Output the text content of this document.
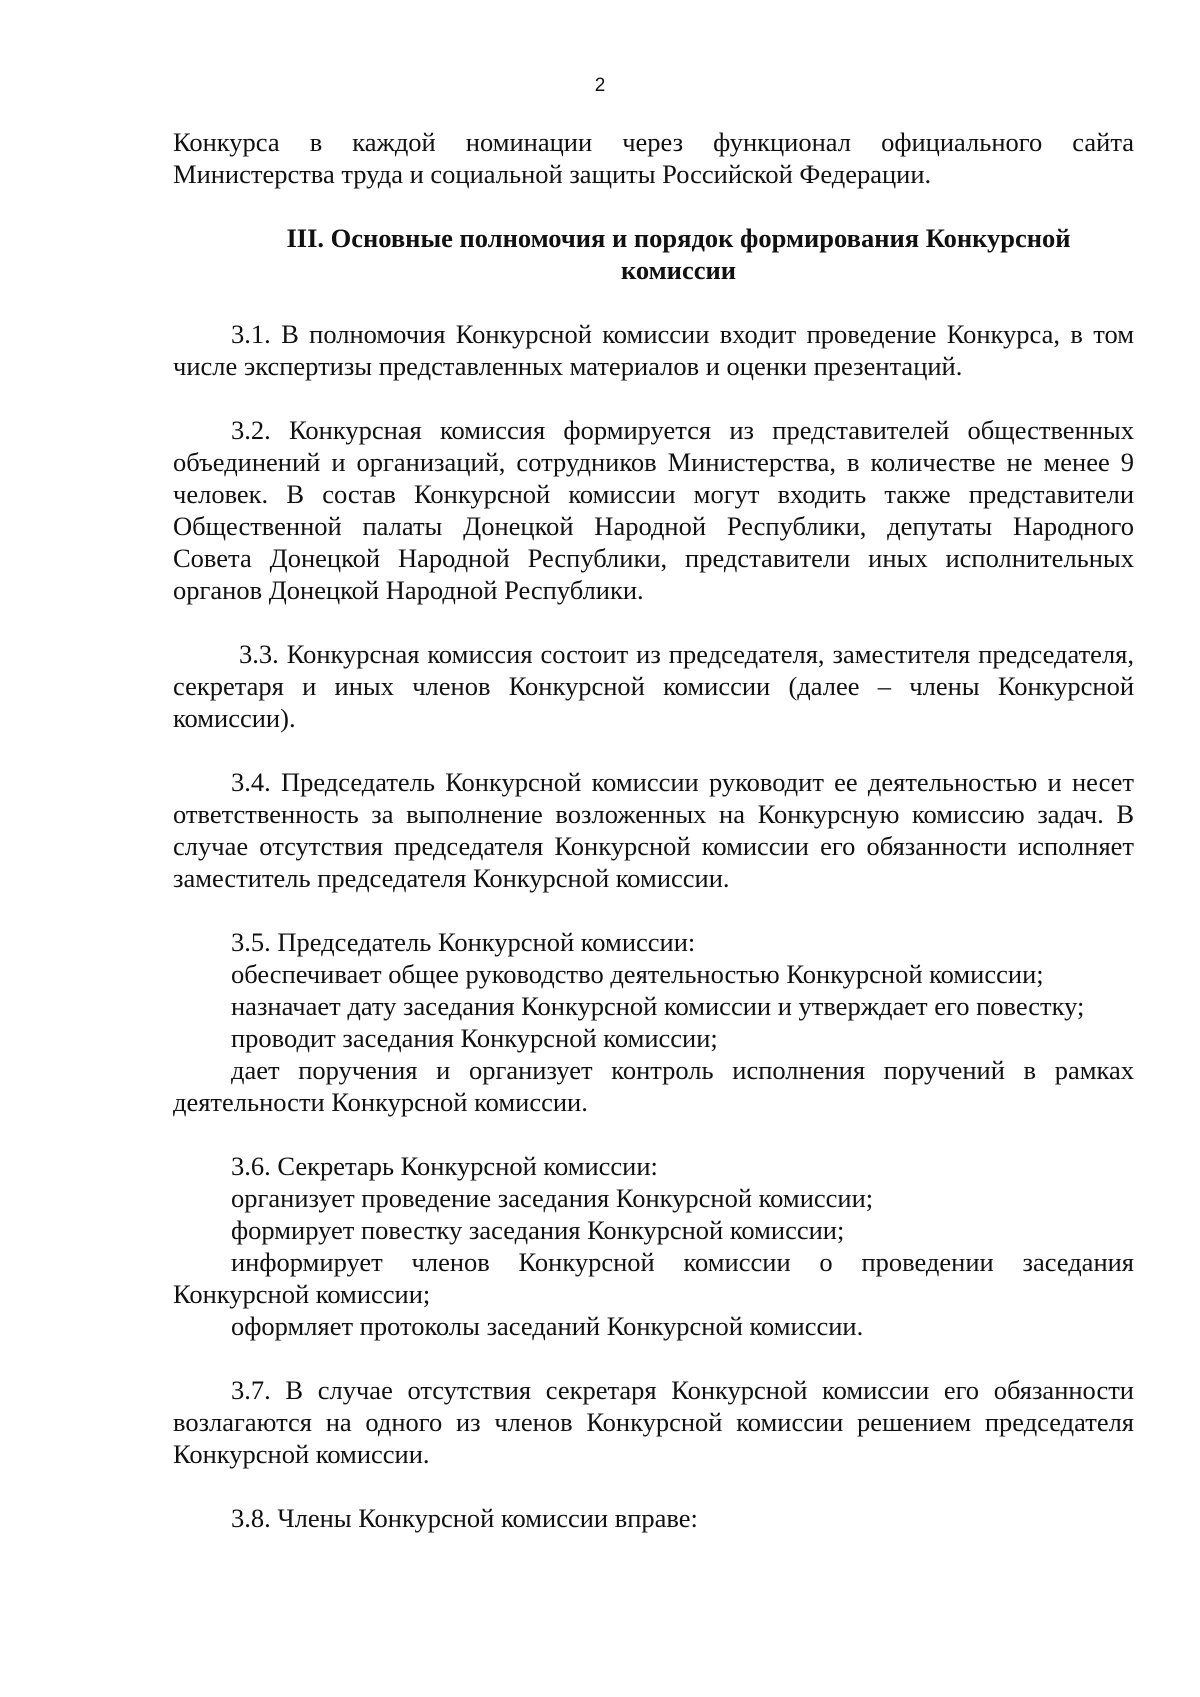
2

Конкурса в каждой номинации через функционал официального сайта Министерства труда и социальной защиты Российской Федерации.

III. Основные полномочия и порядок формирования Конкурсной
комиссии

3.1. В полномочия Конкурсной комиссии входит проведение Конкурса, в том числе экспертизы представленных материалов и оценки презентаций.

3.2. Конкурсная комиссия формируется из представителей общественных объединений и организаций, сотрудников Министерства, в количестве не менее 9 человек. В состав Конкурсной комиссии могут входить также представители Общественной палаты Донецкой Народной Республики, депутаты Народного Совета Донецкой Народной Республики, представители иных исполнительных органов Донецкой Народной Республики.

3.3. Конкурсная комиссия состоит из председателя, заместителя председателя, секретаря и иных членов Конкурсной комиссии (далее – члены Конкурсной комиссии).

3.4. Председатель Конкурсной комиссии руководит ее деятельностью и несет ответственность за выполнение возложенных на Конкурсную комиссию задач. В случае отсутствия председателя Конкурсной комиссии его обязанности исполняет заместитель председателя Конкурсной комиссии.

3.5. Председатель Конкурсной комиссии:

обеспечивает общее руководство деятельностью Конкурсной комиссии;

назначает дату заседания Конкурсной комиссии и утверждает его повестку;

проводит заседания Конкурсной комиссии;

дает поручения и организует контроль исполнения поручений в рамках деятельности Конкурсной комиссии.

3.6. Секретарь Конкурсной комиссии:

организует проведение заседания Конкурсной комиссии;

формирует повестку заседания Конкурсной комиссии;

информирует членов Конкурсной комиссии о проведении заседания Конкурсной комиссии;

оформляет протоколы заседаний Конкурсной комиссии.

3.7. В случае отсутствия секретаря Конкурсной комиссии его обязанности возлагаются на одного из членов Конкурсной комиссии решением председателя Конкурсной комиссии.

3.8. Члены Конкурсной комиссии вправе:
